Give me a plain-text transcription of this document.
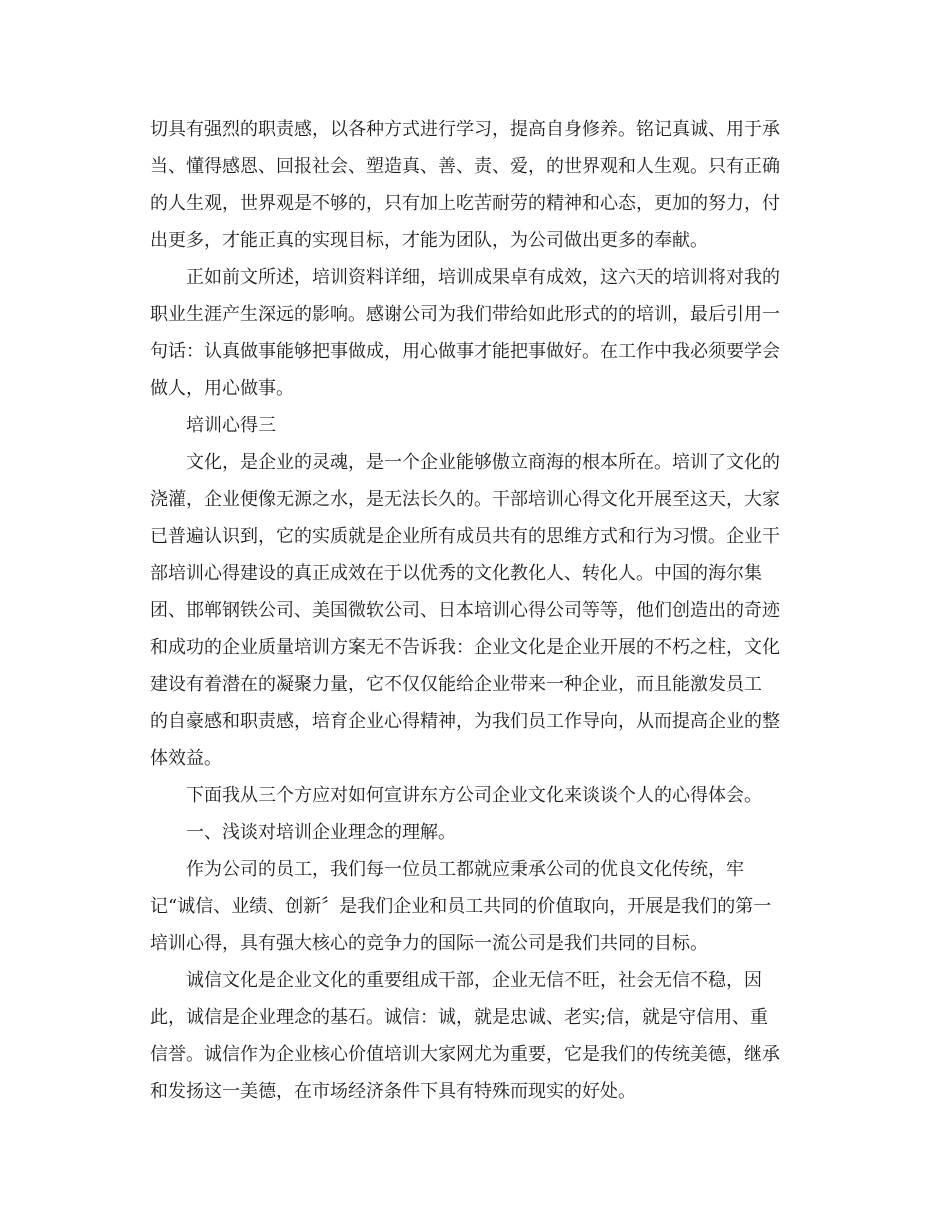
切具有强烈的职责感，以各种方式进行学习，提高自身修养。铭记真诚、用于承
当、懂得感恩、回报社会、塑造真、善、责、爱，的世界观和人生观。只有正确
的人生观，世界观是不够的，只有加上吃苦耐劳的精神和心态，更加的努力，付
出更多，才能正真的实现目标，才能为团队，为公司做出更多的奉献。
正如前文所述，培训资料详细，培训成果卓有成效，这六天的培训将对我的
职业生涯产生深远的影响。感谢公司为我们带给如此形式的的培训，最后引用一
句话：认真做事能够把事做成，用心做事才能把事做好。在工作中我必须要学会
做人，用心做事。
培训心得三
文化，是企业的灵魂，是一个企业能够傲立商海的根本所在。培训了文化的
浇灌，企业便像无源之水，是无法长久的。干部培训心得文化开展至这天，大家
已普遍认识到，它的实质就是企业所有成员共有的思维方式和行为习惯。企业干
部培训心得建设的真正成效在于以优秀的文化教化人、转化人。中国的海尔集
团、邯郸钢铁公司、美国微软公司、日本培训心得公司等等，他们创造出的奇迹
和成功的企业质量培训方案无不告诉我：企业文化是企业开展的不朽之柱，文化
建设有着潜在的凝聚力量，它不仅仅能给企业带来一种企业，而且能激发员工
的自豪感和职责感，培育企业心得精神，为我们员工作导向，从而提高企业的整
体效益。
下面我从三个方应对如何宣讲东方公司企业文化来谈谈个人的心得体会。
一、浅谈对培训企业理念的理解。
作为公司的员工，我们每一位员工都就应秉承公司的优良文化传统，牢
记“诚信、业绩、创新〞是我们企业和员工共同的价值取向，开展是我们的第一
培训心得，具有强大核心的竞争力的国际一流公司是我们共同的目标。
诚信文化是企业文化的重要组成干部，企业无信不旺，社会无信不稳，因
此，诚信是企业理念的基石。诚信：诚，就是忠诚、老实;信，就是守信用、重
信誉。诚信作为企业核心价值培训大家网尤为重要，它是我们的传统美德，继承
和发扬这一美德，在市场经济条件下具有特殊而现实的好处。
